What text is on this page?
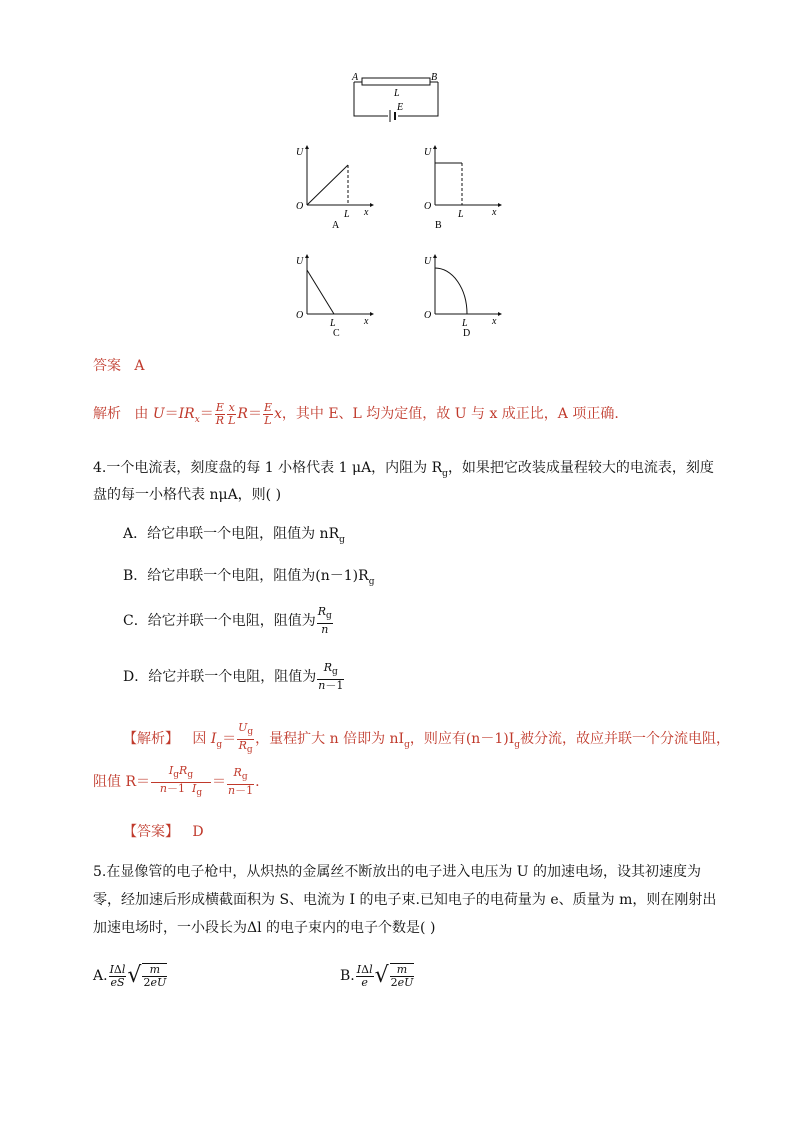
A	B
L
E
U
O
L x
A
U
O
L	x
B
U
O
L	x
C
U
O
L x
D
答案 A
解析 由 $U=IR_x= \frac{E}{R} \frac{x}{L} R= \frac{E}{L}$ x，其中 E、L 均为定值，故 U 与 x 成正比，A 项正确.
4.一个电流表，刻度盘的每 1 小格代表 1 μA，内阻为 $R_g$，如果把它改装成量程较大的电流表，刻度
盘的每一小格代表 nμA，则( )
A．给它串联一个电阻，阻值为 $nR_g$
B．给它串联一个电阻，阻值为$(n-1)R_g$
C．给它并联一个电阻，阻值为 $\frac{R_g}{n}$
D．给它并联一个电阻，阻值为 $\frac{R_g}{n-1}$
【解析】 因 $I_g= \frac{U_g}{R_g}$ ，量程扩大 n 倍即为 $nI_g$，则应有$(n-1)I_g$被分流，故应并联一个分流电阻，
阻值 $R= \frac{I_gR_g}{n-1 I_g} = \frac{R_g}{n-1}$ .
【答案】 D
5.在显像管的电子枪中，从炽热的金属丝不断放出的电子进入电压为 U 的加速电场，设其初速度为
零，经加速后形成横截面积为 S、电流为 I 的电子束.已知电子的电荷量为 e、质量为 m，则在刚射出
加速电场时，一小段长为Δl 的电子束内的电子个数是( )
A. $\frac{\text{IΔl}}{eS}$ √ $\frac{m}{2eU}$	B. $\frac{\text{IΔl}}{e}$ √ $\frac{m}{2eU}$
